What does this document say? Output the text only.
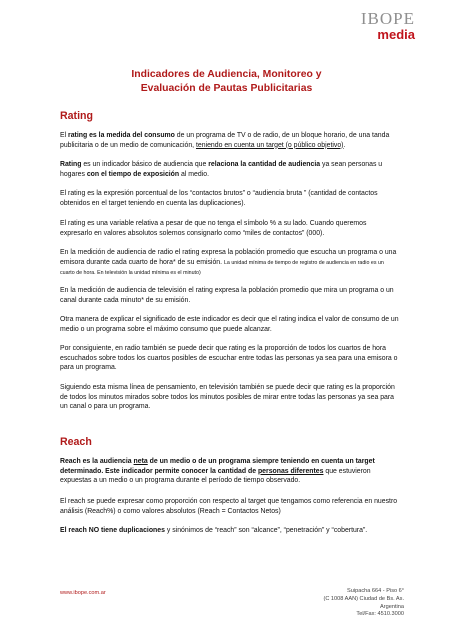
IBOPE
media
Indicadores de Audiencia, Monitoreo y
Evaluación de Pautas Publicitarias
Rating

El rating es la medida del consumo de un programa de TV o de radio, de un bloque horario, de una tanda publicitaria o de un medio de comunicación, teniendo en cuenta un target (o público objetivo).

Rating es un indicador básico de audiencia que relaciona la cantidad de audiencia ya sean personas u hogares con el tiempo de exposición al medio.

El rating es la expresión porcentual de los “contactos brutos” o “audiencia bruta ” (cantidad de contactos obtenidos en el target teniendo en cuenta las duplicaciones).

El rating es una variable relativa a pesar de que no tenga el símbolo % a su lado. Cuando queremos expresarlo en valores absolutos solemos consignarlo como “miles de contactos” (000).

En la medición de audiencia de radio el rating expresa la población promedio que escucha un programa o una emisora durante cada cuarto de hora* de su emisión. La unidad mínima de tiempo de registro de audiencia en radio es un cuarto de hora. En televisión la unidad mínima es el minuto)

En la medición de audiencia de televisión el rating expresa la población promedio que mira un programa o un canal durante cada minuto* de su emisión.

Otra manera de explicar el significado de este indicador es decir que el rating indica el valor de consumo de un medio o un programa sobre el máximo consumo que puede alcanzar.

Por consiguiente, en radio también se puede decir que rating es la proporción de todos los cuartos de hora escuchados sobre todos los cuartos posibles de escuchar entre todas las personas ya sea para una emisora o para un programa.

Siguiendo esta misma línea de pensamiento, en televisión también se puede decir que rating es la proporción de todos los minutos mirados sobre todos los minutos posibles de mirar entre todas las personas ya sea para un canal o para un programa.

Reach

Reach es la audiencia neta de un medio o de un programa siempre teniendo en cuenta un target determinado. Este indicador permite conocer la cantidad de personas diferentes que estuvieron expuestas a un medio o un programa durante el período de tiempo observado.

El reach se puede expresar como proporción con respecto al target que tengamos como referencia en nuestro análisis (Reach%) o como valores absolutos (Reach = Contactos Netos)

El reach NO tiene duplicaciones y sinónimos de “reach” son “alcance”, “penetración” y “cobertura”.

www.ibope.com.ar	Suipacha 664 - Piso 6°
(C 1008 AAN) Ciudad de Bs. As.
Argentina
Tel/Fax: 4510.3000
